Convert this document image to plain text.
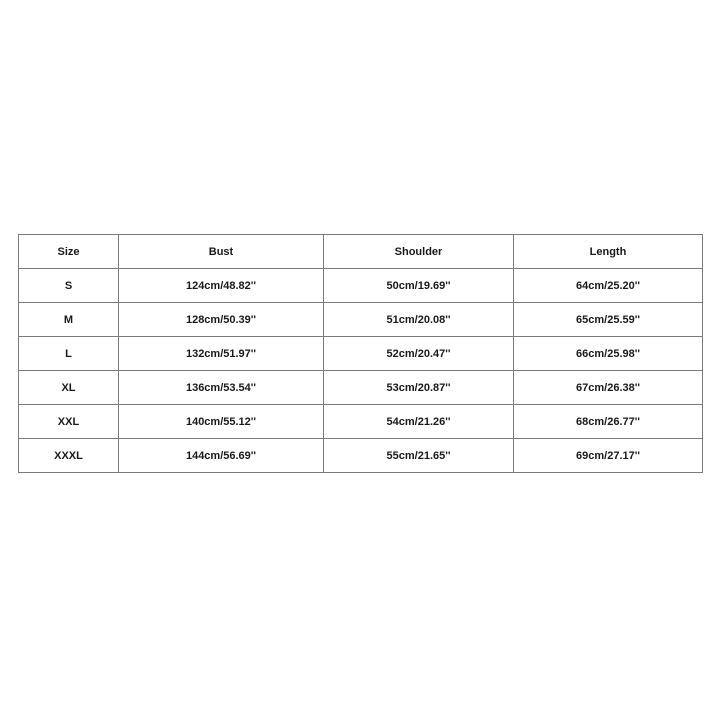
Size	Bust	Shoulder	Length
S	124cm/48.82''	50cm/19.69''	64cm/25.20''
M	128cm/50.39''	51cm/20.08''	65cm/25.59''
L	132cm/51.97''	52cm/20.47''	66cm/25.98''
XL	136cm/53.54''	53cm/20.87''	67cm/26.38''
XXL	140cm/55.12''	54cm/21.26''	68cm/26.77''
XXXL	144cm/56.69''	55cm/21.65''	69cm/27.17''
